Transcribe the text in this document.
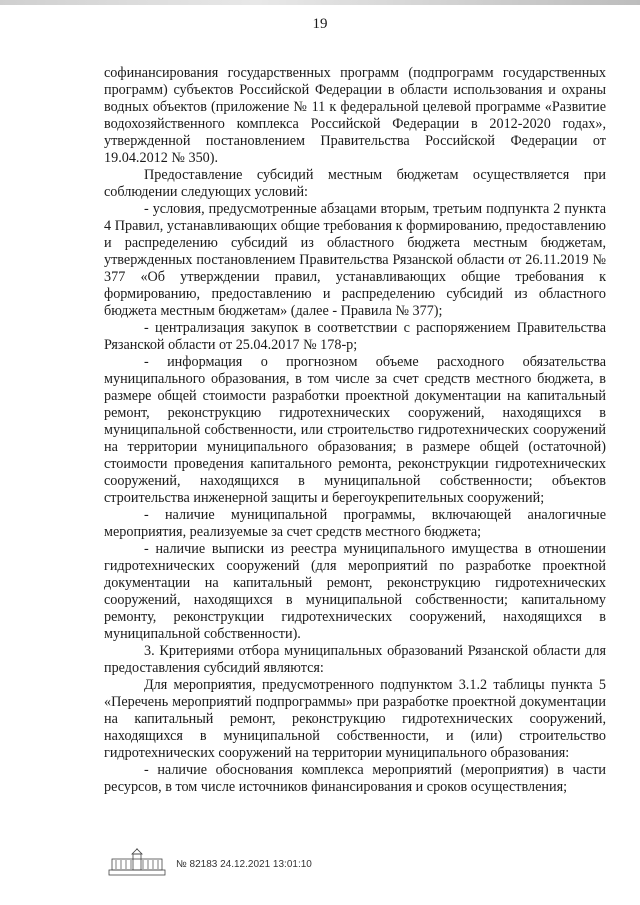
19

софинансирования государственных программ (подпрограмм государственных программ) субъектов Российской Федерации в области использования и охраны водных объектов (приложение № 11 к федеральной целевой программе «Развитие водохозяйственного комплекса Российской Федерации в 2012-2020 годах», утвержденной постановлением Правительства Российской Федерации от 19.04.2012 № 350).

Предоставление субсидий местным бюджетам осуществляется при соблюдении следующих условий:

- условия, предусмотренные абзацами вторым, третьим подпункта 2 пункта 4 Правил, устанавливающих общие требования к формированию, предоставлению и распределению субсидий из областного бюджета местным бюджетам, утвержденных постановлением Правительства Рязанской области от 26.11.2019 № 377 «Об утверждении правил, устанавливающих общие требования к формированию, предоставлению и распределению субсидий из областного бюджета местным бюджетам» (далее - Правила № 377);

- централизация закупок в соответствии с распоряжением Правительства Рязанской области от 25.04.2017 № 178-р;

- информация о прогнозном объеме расходного обязательства муниципального образования, в том числе за счет средств местного бюджета, в размере общей стоимости разработки проектной документации на капитальный ремонт, реконструкцию гидротехнических сооружений, находящихся в муниципальной собственности, или строительство гидротехнических сооружений на территории муниципального образования; в размере общей (остаточной) стоимости проведения капитального ремонта, реконструкции гидротехнических сооружений, находящихся в муниципальной собственности; объектов строительства инженерной защиты и берегоукрепительных сооружений;

- наличие муниципальной программы, включающей аналогичные мероприятия, реализуемые за счет средств местного бюджета;

- наличие выписки из реестра муниципального имущества в отношении гидротехнических сооружений (для мероприятий по разработке проектной документации на капитальный ремонт, реконструкцию гидротехнических сооружений, находящихся в муниципальной собственности; капитальному ремонту, реконструкции гидротехнических сооружений, находящихся в муниципальной собственности).

3. Критериями отбора муниципальных образований Рязанской области для предоставления субсидий являются:

Для мероприятия, предусмотренного подпунктом 3.1.2 таблицы пункта 5 «Перечень мероприятий подпрограммы» при разработке проектной документации на капитальный ремонт, реконструкцию гидротехнических сооружений, находящихся в муниципальной собственности, и (или) строительство гидротехнических сооружений на территории муниципального образования:

- наличие обоснования комплекса мероприятий (мероприятия) в части ресурсов, в том числе источников финансирования и сроков осуществления;

№ 82183 24.12.2021 13:01:10
